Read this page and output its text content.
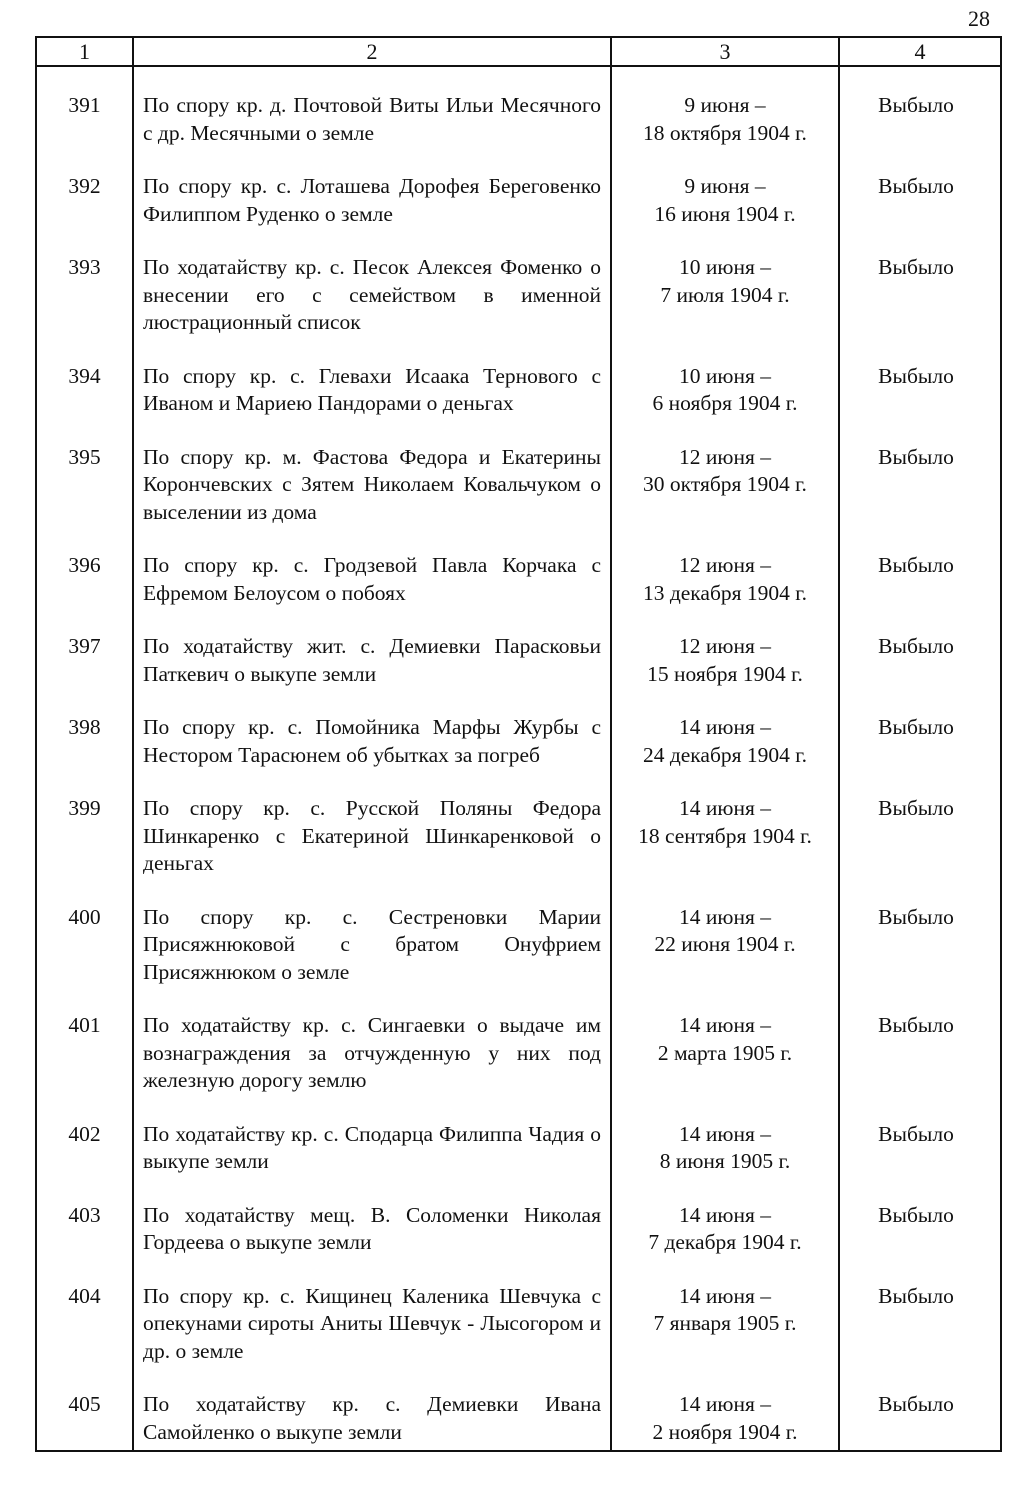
28
1	2	3	4
391	По спору кр. д. Почтовой Виты Ильи Месячного с др. Месячными о земле	9 июня –
18 октября 1904 г.	Выбыло
392	По спору кр. с. Лоташева Дорофея Береговенко Филиппом Руденко о земле	9 июня –
16 июня 1904 г.	Выбыло
393	По ходатайству кр. с. Песок Алексея Фоменко о внесении его с семейством в именной люстрационный список	10 июня –
7 июля 1904 г.	Выбыло
394	По спору кр. с. Глевахи Исаака Тернового с Иваном и Мариею Пандорами о деньгах	10 июня –
6 ноября 1904 г.	Выбыло
395	По спору кр. м. Фастова Федора и Екатерины Корончевских с Зятем Николаем Ковальчуком о выселении из дома	12 июня –
30 октября 1904 г.	Выбыло
396	По спору кр. с. Гродзевой Павла Корчака с Ефремом Белоусом о побоях	12 июня –
13 декабря 1904 г.	Выбыло
397	По ходатайству жит. с. Демиевки Парасковьи Паткевич о выкупе земли	12 июня –
15 ноября 1904 г.	Выбыло
398	По спору кр. с. Помойника Марфы Журбы с Нестором Тарасюнем об убытках за погреб	14 июня –
24 декабря 1904 г.	Выбыло
399	По спору кр. с. Русской Поляны Федора Шинкаренко с Екатериной Шинкаренковой о деньгах	14 июня –
18 сентября 1904 г.	Выбыло
400	По спору кр. с. Сестреновки Марии Присяжнюковой с братом Онуфрием Присяжнюком о земле	14 июня –
22 июня 1904 г.	Выбыло
401	По ходатайству кр. с. Сингаевки о выдаче им вознаграждения за отчужденную у них под железную дорогу землю	14 июня –
2 марта 1905 г.	Выбыло
402	По ходатайству кр. с. Сподарца Филиппа Чадия о выкупе земли	14 июня –
8 июня 1905 г.	Выбыло
403	По ходатайству мещ. В. Соломенки Николая Гордеева о выкупе земли	14 июня –
7 декабря 1904 г.	Выбыло
404	По спору кр. с. Кищинец Каленика Шевчука с опекунами сироты Аниты Шевчук - Лысогором и др. о земле	14 июня –
7 января 1905 г.	Выбыло
405	По ходатайству кр. с. Демиевки Ивана Самойленко о выкупе земли	14 июня –
2 ноября 1904 г.	Выбыло
